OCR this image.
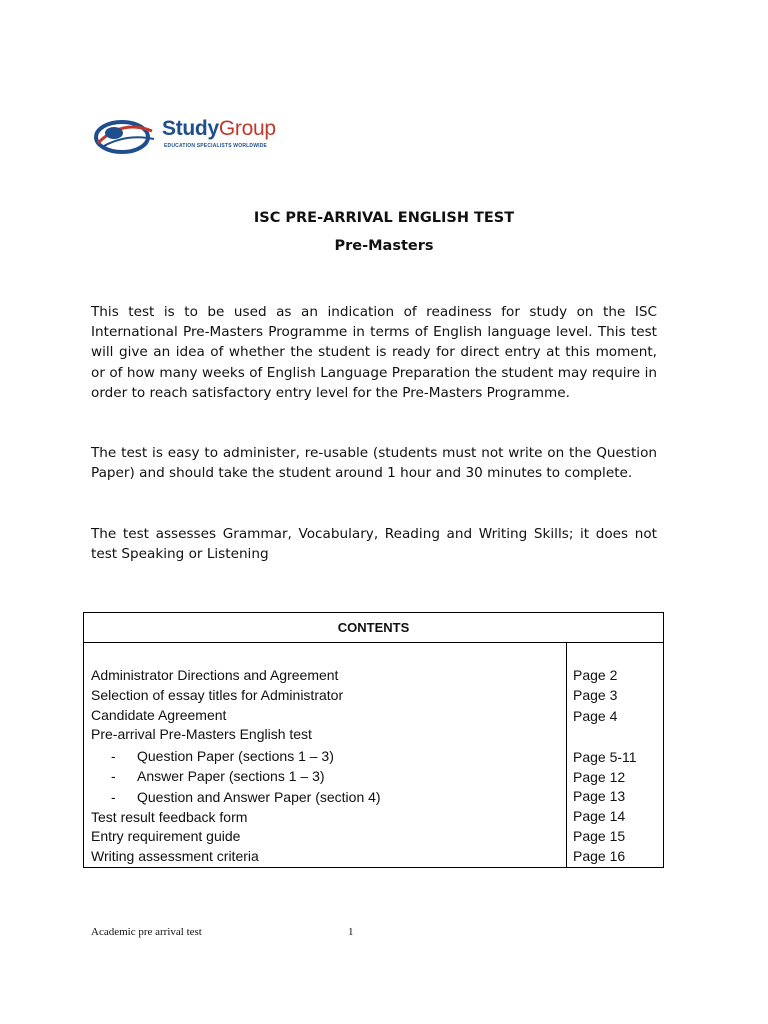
StudyGroup
EDUCATION SPECIALISTS WORLDWIDE
ISC PRE-ARRIVAL ENGLISH TEST
Pre-Masters

This test is to be used as an indication of readiness for study on the ISC International Pre-Masters Programme in terms of English language level. This test will give an idea of whether the student is ready for direct entry at this moment, or of how many weeks of English Language Preparation the student may require in order to reach satisfactory entry level for the Pre-Masters Programme.

The test is easy to administer, re-usable (students must not write on the Question Paper) and should take the student around 1 hour and 30 minutes to complete.

The test assesses Grammar, Vocabulary, Reading and Writing Skills; it does not test Speaking or Listening

CONTENTS
Administrator Directions and Agreement
Selection of essay titles for Administrator
Candidate Agreement
Pre-arrival Pre-Masters English test
- Question Paper (sections 1 – 3)
- Answer Paper (sections 1 – 3)
- Question and Answer Paper (section 4)
Test result feedback form
Entry requirement guide
Writing assessment criteria
Page 2
Page 3
Page 4
Page 5-11
Page 12
Page 13
Page 14
Page 15
Page 16
Academic pre arrival test	1
